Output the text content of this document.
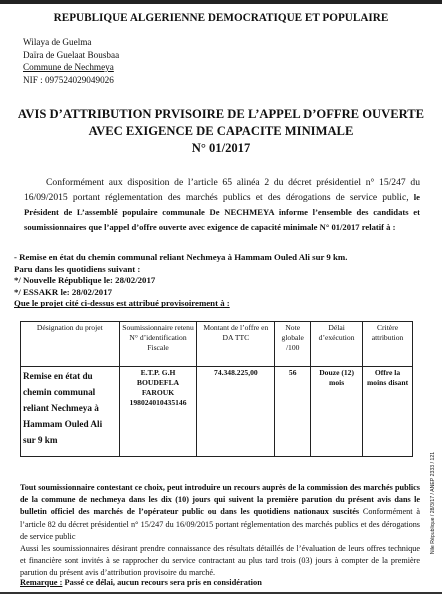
REPUBLIQUE ALGERIENNE DEMOCRATIQUE ET POPULAIRE
Wilaya de Guelma
Daïra de Guelaat Bousbaa
Commune de Nechmeya
NIF : 097524029049026
AVIS D’ATTRIBUTION PRVISOIRE DE L’APPEL D’OFFRE OUVERTE
AVEC EXIGENCE DE CAPACITE MINIMALE
N° 01/2017
Conformément aux disposition de l’article 65 alinéa 2 du décret présidentiel n° 15/247 du 16/09/2015 portant réglementation des marchés publics et des dérogations de service public, le Président de L’assemblé populaire communale De NECHMEYA informe l’ensemble des candidats et soumissionnaires que l’appel d’offre ouverte avec exigence de capacité minimale N° 01/2017 relatif à :
- Remise en état du chemin communal reliant Nechmeya à Hammam Ouled Ali sur 9 km.
Paru dans les quotidiens suivant :
*/ Nouvelle République le: 28/02/2017
*/ ESSAKR le: 28/02/2017
Que le projet cité ci-dessus est attribué provisoirement à :
Désignation du projet	Soumissionnaire retenu N° d’identification Fiscale	Montant de l’offre en DA TTC	Note globale /100	Délai d’exécution	Critère attribution
Remise en état du chemin communal reliant Nechmeya à Hammam Ouled Ali sur 9 km	E.T.P. G.H BOUDEFLA FAROUK 198024010435146	74.348.225,00	56	Douze (12) mois	Offre la moins disant
Tout soumissionnaire contestant ce choix, peut introduire un recours auprès de la commission des marchés publics de la commune de nechmeya dans les dix (10) jours qui suivent la première parution du présent avis dans le bulletin officiel des marchés de l’opérateur public ou dans les quotidiens nationaux suscités Conformément à l’article 82 du décret présidentiel n° 15/247 du 16/09/2015 portant réglementation des marchés publics et des dérogations de service public
Aussi les soumissionnaires désirant prendre connaissance des résultats détaillés de l’évaluation de leurs offres technique et financière sont invités à se rapprocher du service contractant au plus tard trois (03) jours à compter de la première parution du présent avis d’attribution provisoire du marché.
Remarque : Passé ce délai, aucun recours sera pris en considération
Nile République / 28/3/17 / ANEP 2333 / 121
